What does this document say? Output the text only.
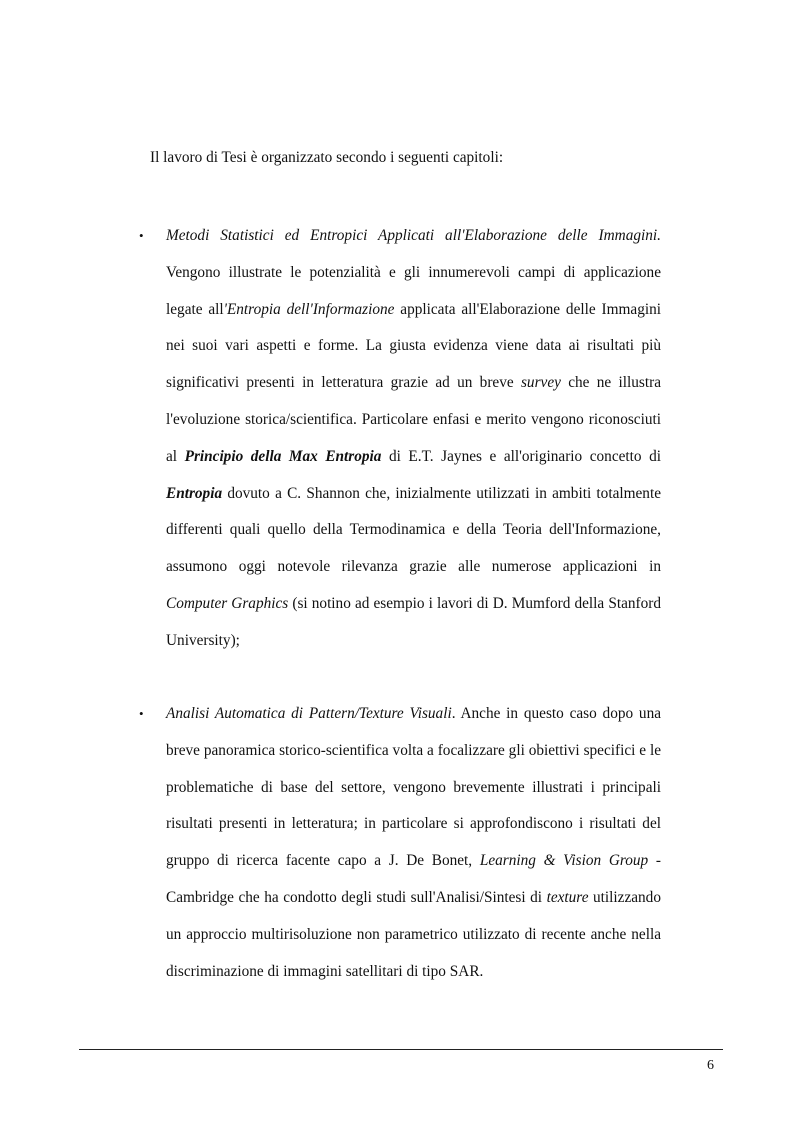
Il lavoro di Tesi è organizzato secondo i seguenti capitoli:

• Metodi Statistici ed Entropici Applicati all'Elaborazione delle Immagini. Vengono illustrate le potenzialità e gli innumerevoli campi di applicazione legate all'Entropia dell'Informazione applicata all'Elaborazione delle Immagini nei suoi vari aspetti e forme. La giusta evidenza viene data ai risultati più significativi presenti in letteratura grazie ad un breve survey che ne illustra l'evoluzione storica/scientifica. Particolare enfasi e merito vengono riconosciuti al Principio della Max Entropia di E.T. Jaynes e all'originario concetto di Entropia dovuto a C. Shannon che, inizialmente utilizzati in ambiti totalmente differenti quali quello della Termodinamica e della Teoria dell'Informazione, assumono oggi notevole rilevanza grazie alle numerose applicazioni in Computer Graphics (si notino ad esempio i lavori di D. Mumford della Stanford University);

• Analisi Automatica di Pattern/Texture Visuali. Anche in questo caso dopo una breve panoramica storico-scientifica volta a focalizzare gli obiettivi specifici e le problematiche di base del settore, vengono brevemente illustrati i principali risultati presenti in letteratura; in particolare si approfondiscono i risultati del gruppo di ricerca facente capo a J. De Bonet, Learning & Vision Group - Cambridge che ha condotto degli studi sull'Analisi/Sintesi di texture utilizzando un approccio multirisoluzione non parametrico utilizzato di recente anche nella discriminazione di immagini satellitari di tipo SAR.

6
